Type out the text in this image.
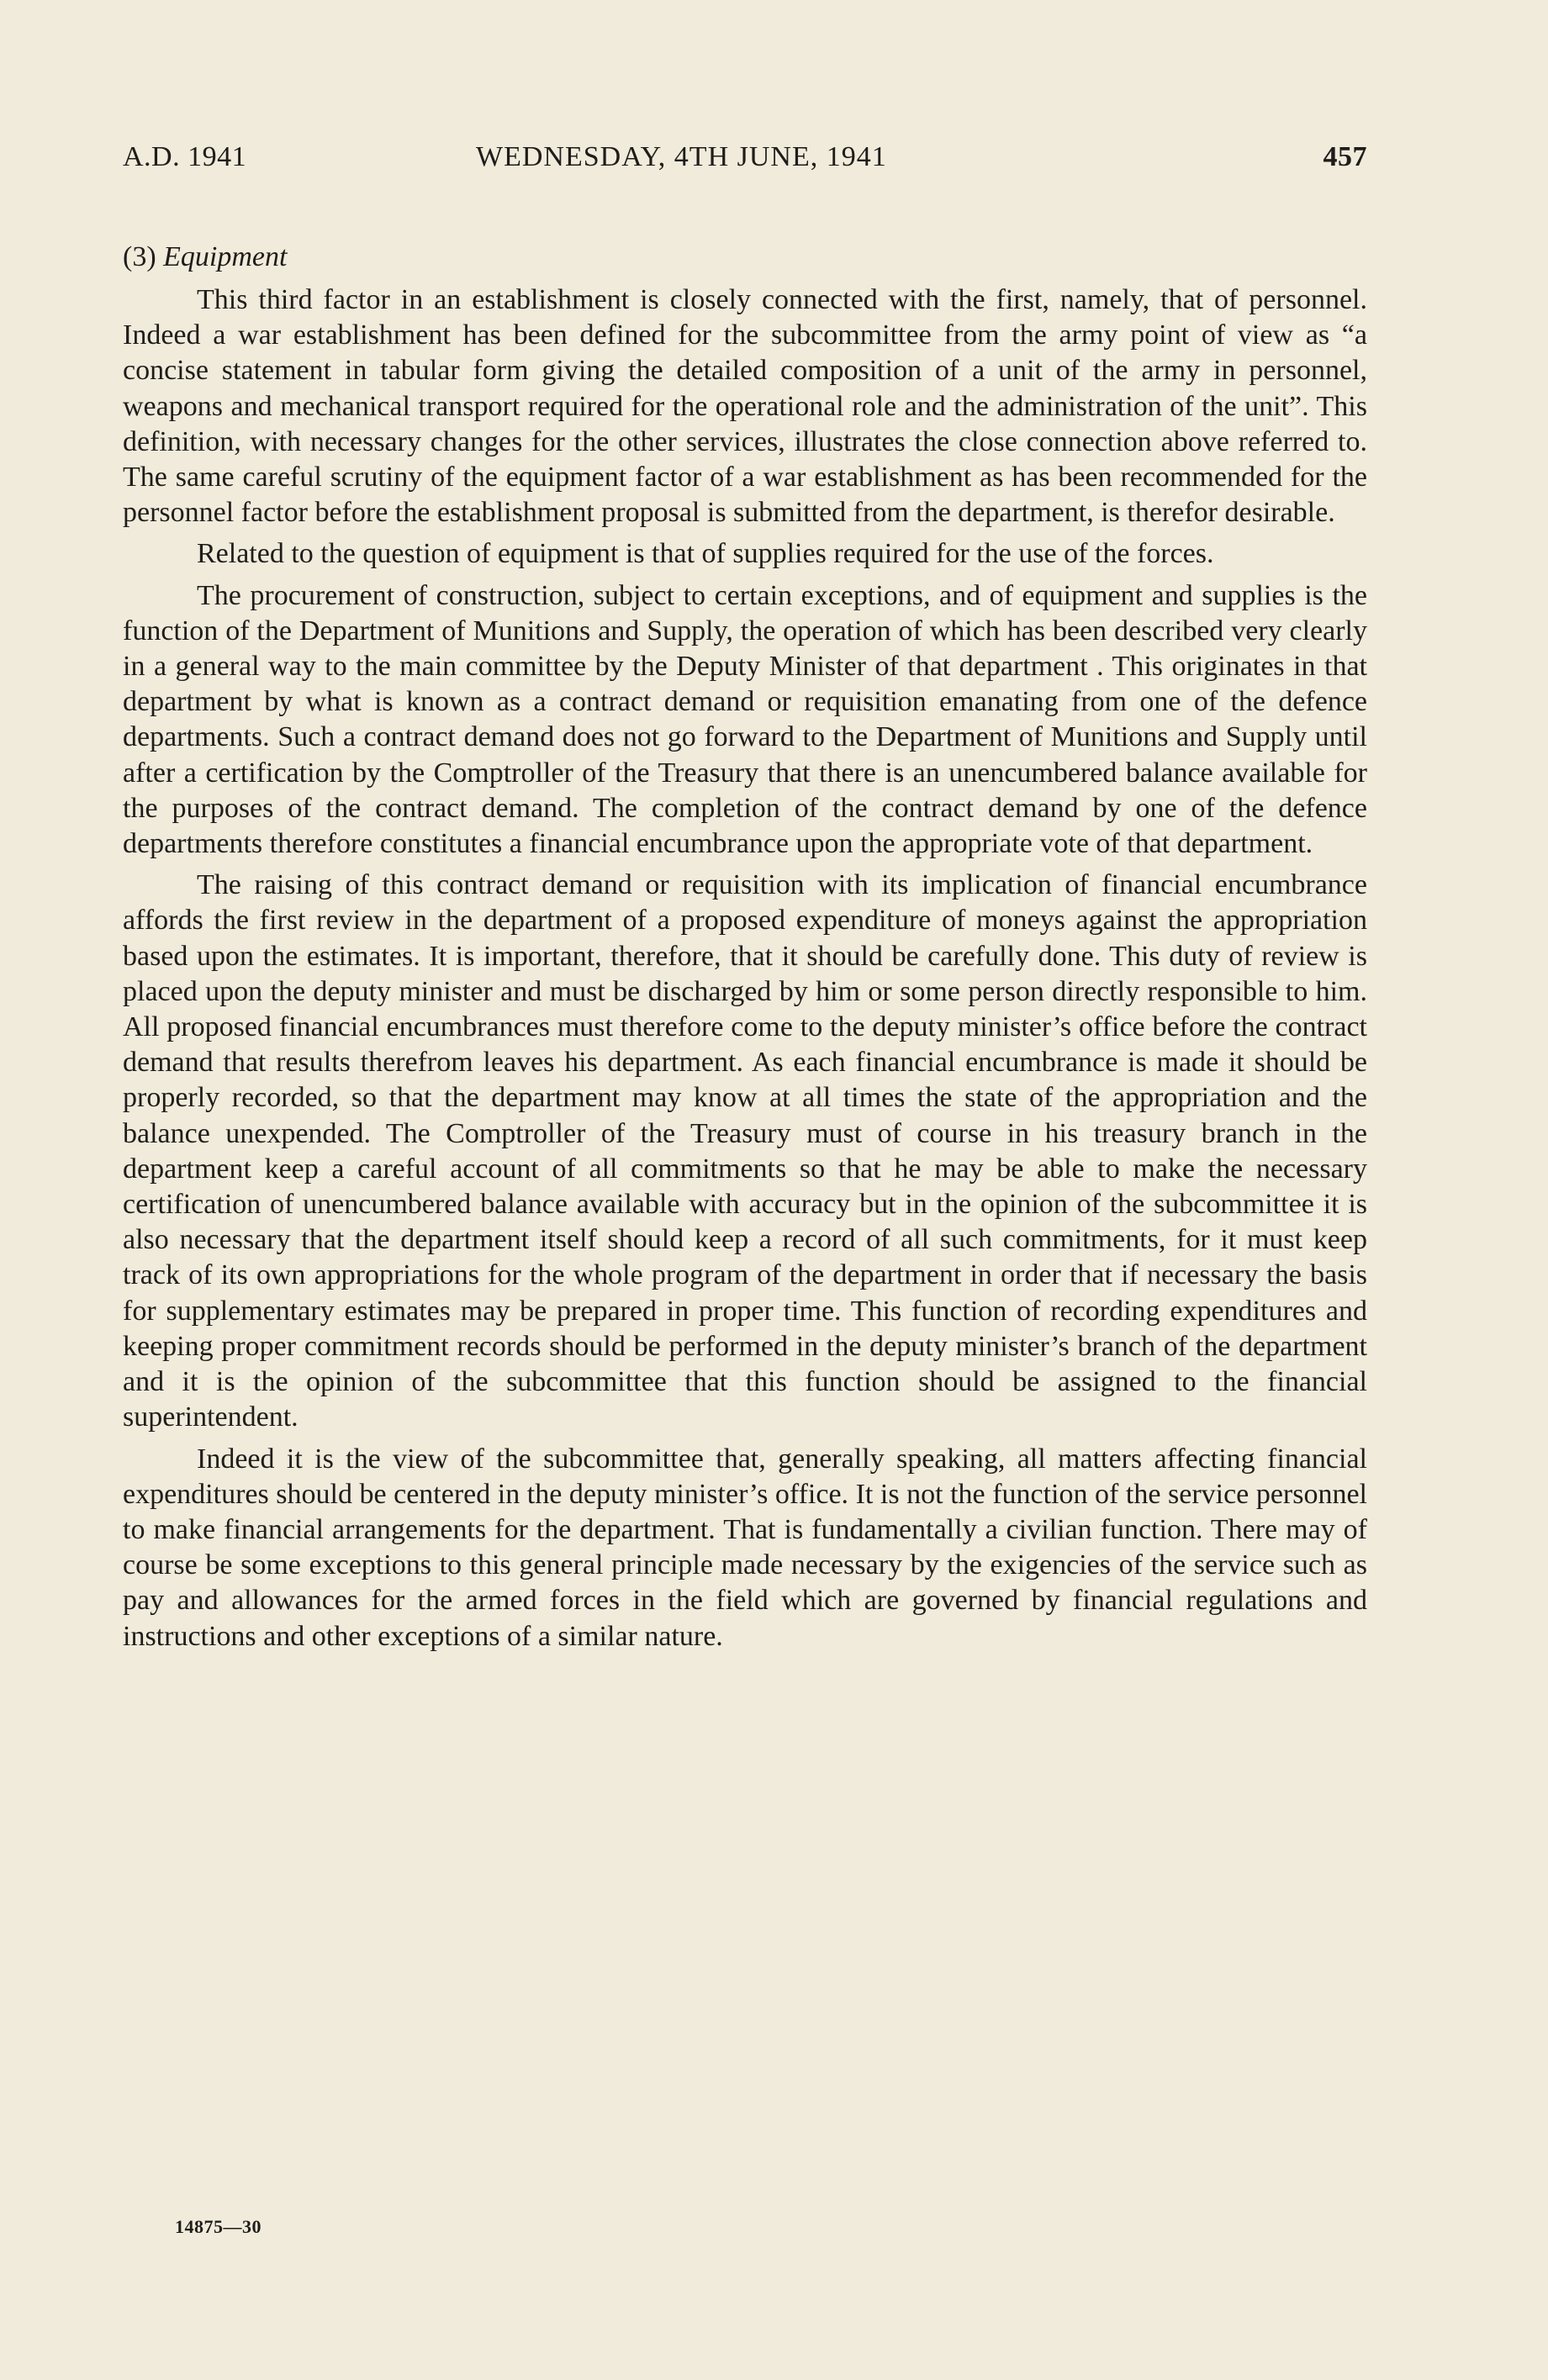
A.D. 1941	WEDNESDAY, 4TH JUNE, 1941	457
(3) Equipment

This third factor in an establishment is closely connected with the first, namely, that of personnel. Indeed a war establishment has been defined for the subcommittee from the army point of view as “a concise statement in tabular form giving the detailed composition of a unit of the army in personnel, weapons and mechanical transport required for the operational role and the administration of the unit”. This definition, with necessary changes for the other services, illustrates the close connection above referred to. The same careful scrutiny of the equipment factor of a war establishment as has been recommended for the personnel factor before the establishment proposal is submitted from the department, is therefor desirable.

Related to the question of equipment is that of supplies required for the use of the forces.

The procurement of construction, subject to certain exceptions, and of equipment and supplies is the function of the Department of Munitions and Supply, the operation of which has been described very clearly in a general way to the main committee by the Deputy Minister of that department . This originates in that department by what is known as a contract demand or requisition emanating from one of the defence departments. Such a contract demand does not go forward to the Department of Munitions and Supply until after a certification by the Comptroller of the Treasury that there is an unencumbered balance available for the purposes of the contract demand. The completion of the contract demand by one of the defence departments therefore constitutes a financial encumbrance upon the appropriate vote of that department.

The raising of this contract demand or requisition with its implication of financial encumbrance affords the first review in the department of a proposed expenditure of moneys against the appropriation based upon the estimates. It is important, therefore, that it should be carefully done. This duty of review is placed upon the deputy minister and must be discharged by him or some person directly responsible to him. All proposed financial encumbrances must therefore come to the deputy minister’s office before the contract demand that results therefrom leaves his department. As each financial encumbrance is made it should be properly recorded, so that the department may know at all times the state of the appropriation and the balance unexpended. The Comptroller of the Treasury must of course in his treasury branch in the department keep a careful account of all commitments so that he may be able to make the necessary certification of unencumbered balance available with accuracy but in the opinion of the subcommittee it is also necessary that the department itself should keep a record of all such commitments, for it must keep track of its own appropriations for the whole program of the department in order that if necessary the basis for supplementary estimates may be prepared in proper time. This function of recording expenditures and keeping proper commitment records should be performed in the deputy minister’s branch of the department and it is the opinion of the subcommittee that this function should be assigned to the financial superintendent.

Indeed it is the view of the subcommittee that, generally speaking, all matters affecting financial expenditures should be centered in the deputy minister’s office. It is not the function of the service personnel to make financial arrangements for the department. That is fundamentally a civilian function. There may of course be some exceptions to this general principle made necessary by the exigencies of the service such as pay and allowances for the armed forces in the field which are governed by financial regulations and instructions and other exceptions of a similar nature.

14875—30
